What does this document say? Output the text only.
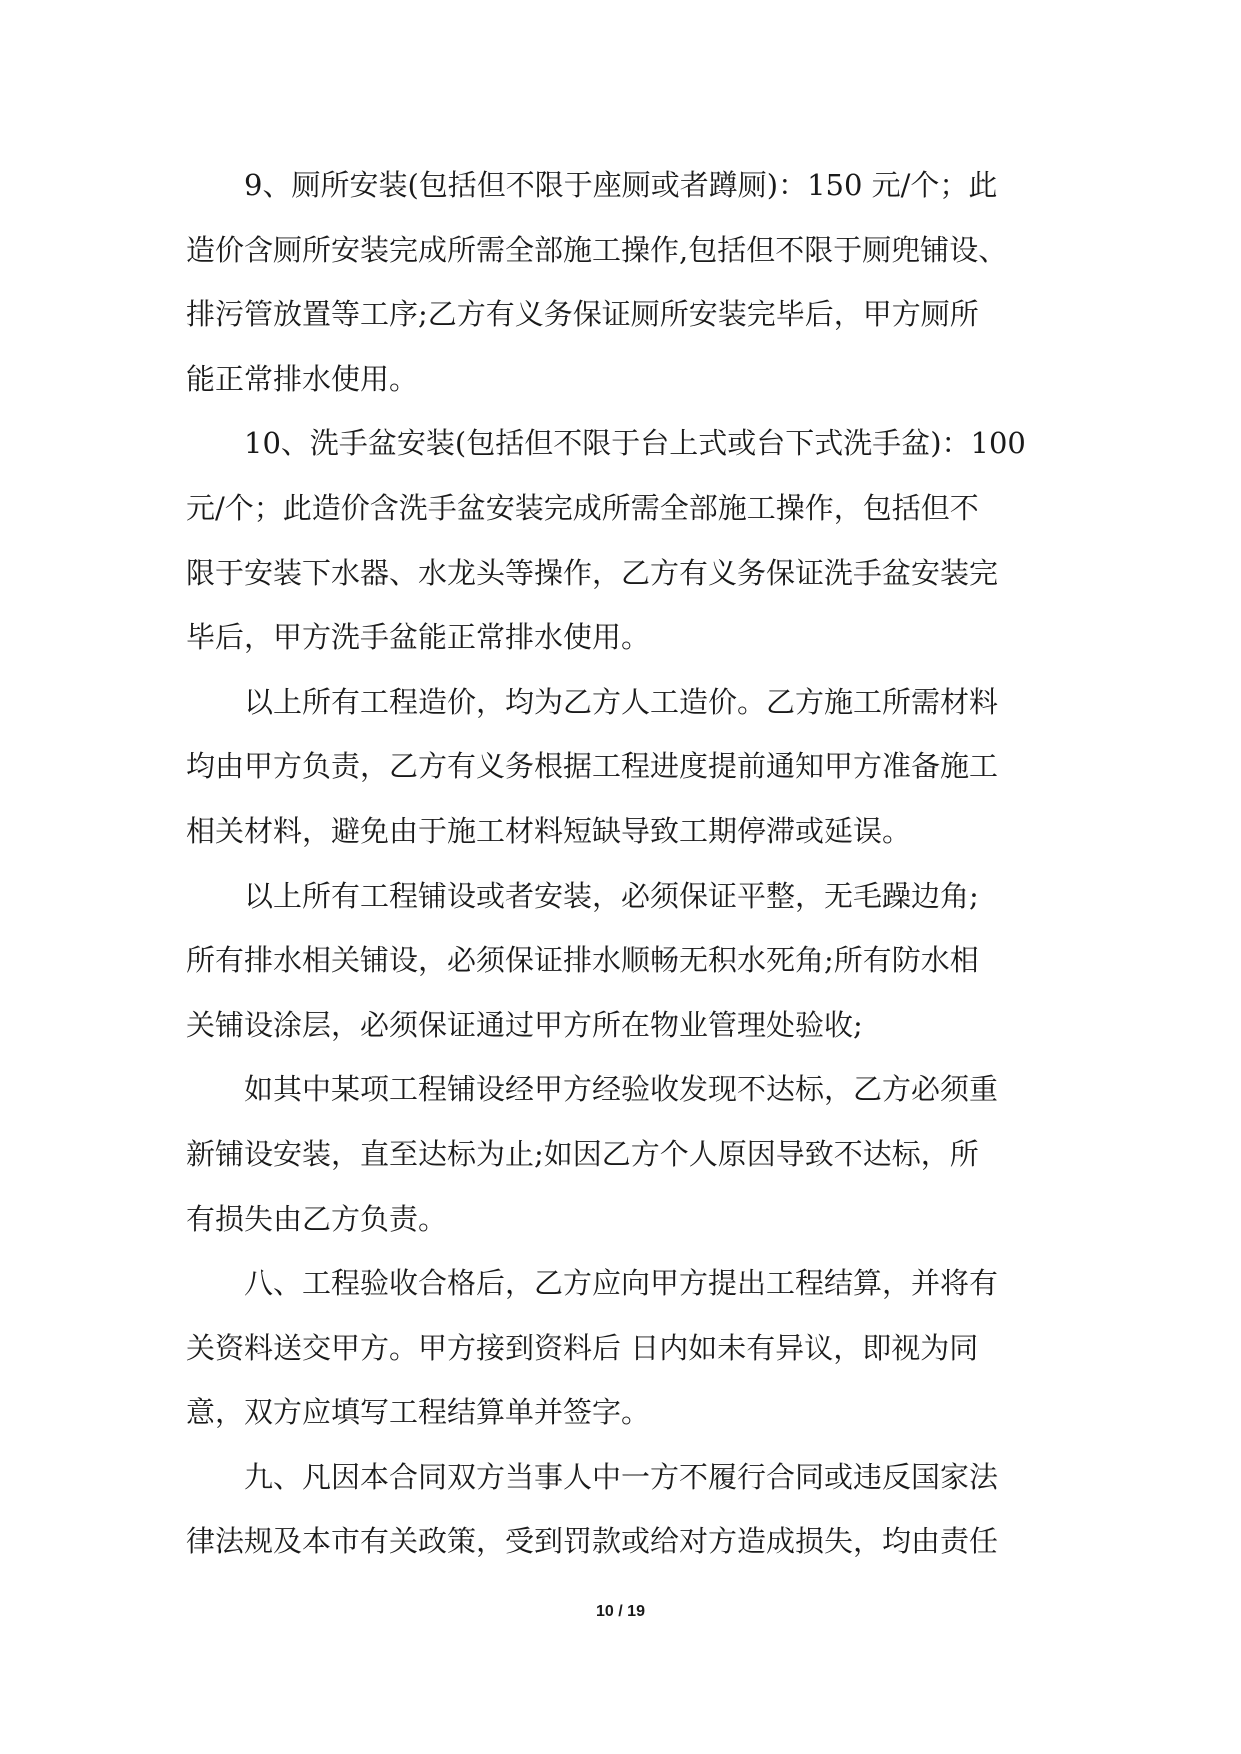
9、厕所安装(包括但不限于座厕或者蹲厕)：150 元/个；此
造价含厕所安装完成所需全部施工操作,包括但不限于厕兜铺设、
排污管放置等工序;乙方有义务保证厕所安装完毕后，甲方厕所
能正常排水使用。
10、洗手盆安装(包括但不限于台上式或台下式洗手盆)：100
元/个；此造价含洗手盆安装完成所需全部施工操作，包括但不
限于安装下水器、水龙头等操作，乙方有义务保证洗手盆安装完
毕后，甲方洗手盆能正常排水使用。
以上所有工程造价，均为乙方人工造价。乙方施工所需材料
均由甲方负责，乙方有义务根据工程进度提前通知甲方准备施工
相关材料，避免由于施工材料短缺导致工期停滞或延误。
以上所有工程铺设或者安装，必须保证平整，无毛躁边角;
所有排水相关铺设，必须保证排水顺畅无积水死角;所有防水相
关铺设涂层，必须保证通过甲方所在物业管理处验收;
如其中某项工程铺设经甲方经验收发现不达标，乙方必须重
新铺设安装，直至达标为止;如因乙方个人原因导致不达标，所
有损失由乙方负责。
八、工程验收合格后，乙方应向甲方提出工程结算，并将有
关资料送交甲方。甲方接到资料后 日内如未有异议，即视为同
意，双方应填写工程结算单并签字。
九、凡因本合同双方当事人中一方不履行合同或违反国家法
律法规及本市有关政策，受到罚款或给对方造成损失，均由责任
10 / 19
